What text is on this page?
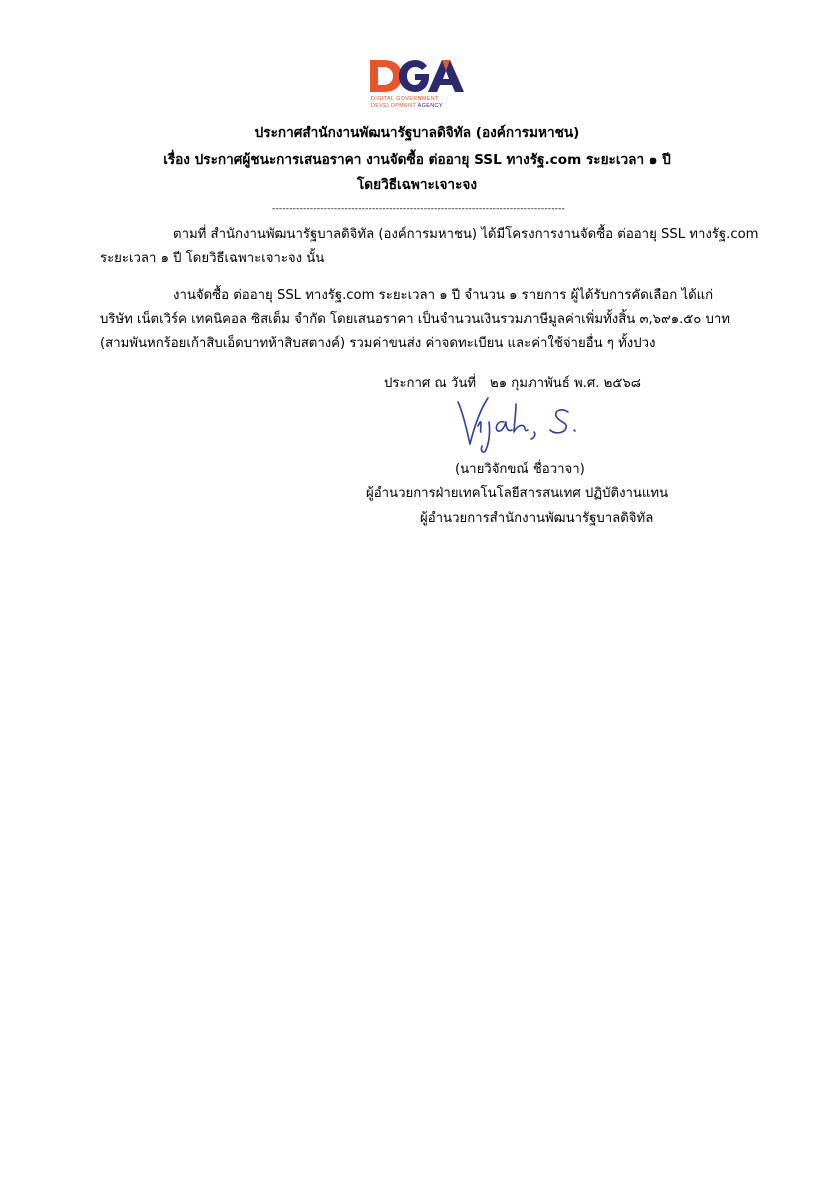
DIGITAL GOVERNMENT
DEVELOPMENT AGENCY
ประกาศสำนักงานพัฒนารัฐบาลดิจิทัล (องค์การมหาชน)
เรื่อง ประกาศผู้ชนะการเสนอราคา งานจัดซื้อ ต่ออายุ SSL ทางรัฐ.com ระยะเวลา ๑ ปี
โดยวิธีเฉพาะเจาะจง
-------------------------------------------------------------------------------------
ตามที่ สำนักงานพัฒนารัฐบาลดิจิทัล (องค์การมหาชน) ได้มีโครงการงานจัดซื้อ ต่ออายุ SSL ทางรัฐ.com
ระยะเวลา ๑ ปี โดยวิธีเฉพาะเจาะจง นั้น
งานจัดซื้อ ต่ออายุ SSL ทางรัฐ.com ระยะเวลา ๑ ปี จำนวน ๑ รายการ ผู้ได้รับการคัดเลือก ได้แก่
บริษัท เน็ตเวิร์ค เทคนิคอล ซิสเต็ม จำกัด โดยเสนอราคา เป็นจำนวนเงินรวมภาษีมูลค่าเพิ่มทั้งสิ้น ๓,๖๙๑.๕๐ บาท
(สามพันหกร้อยเก้าสิบเอ็ดบาทห้าสิบสตางค์) รวมค่าขนส่ง ค่าจดทะเบียน และค่าใช้จ่ายอื่น ๆ ทั้งปวง
ประกาศ ณ วันที่ ๒๑ กุมภาพันธ์ พ.ศ. ๒๕๖๘
(นายวิจักขณ์ ชื่อวาจา)
ผู้อำนวยการฝ่ายเทคโนโลยีสารสนเทศ ปฏิบัติงานแทน
ผู้อำนวยการสำนักงานพัฒนารัฐบาลดิจิทัล
